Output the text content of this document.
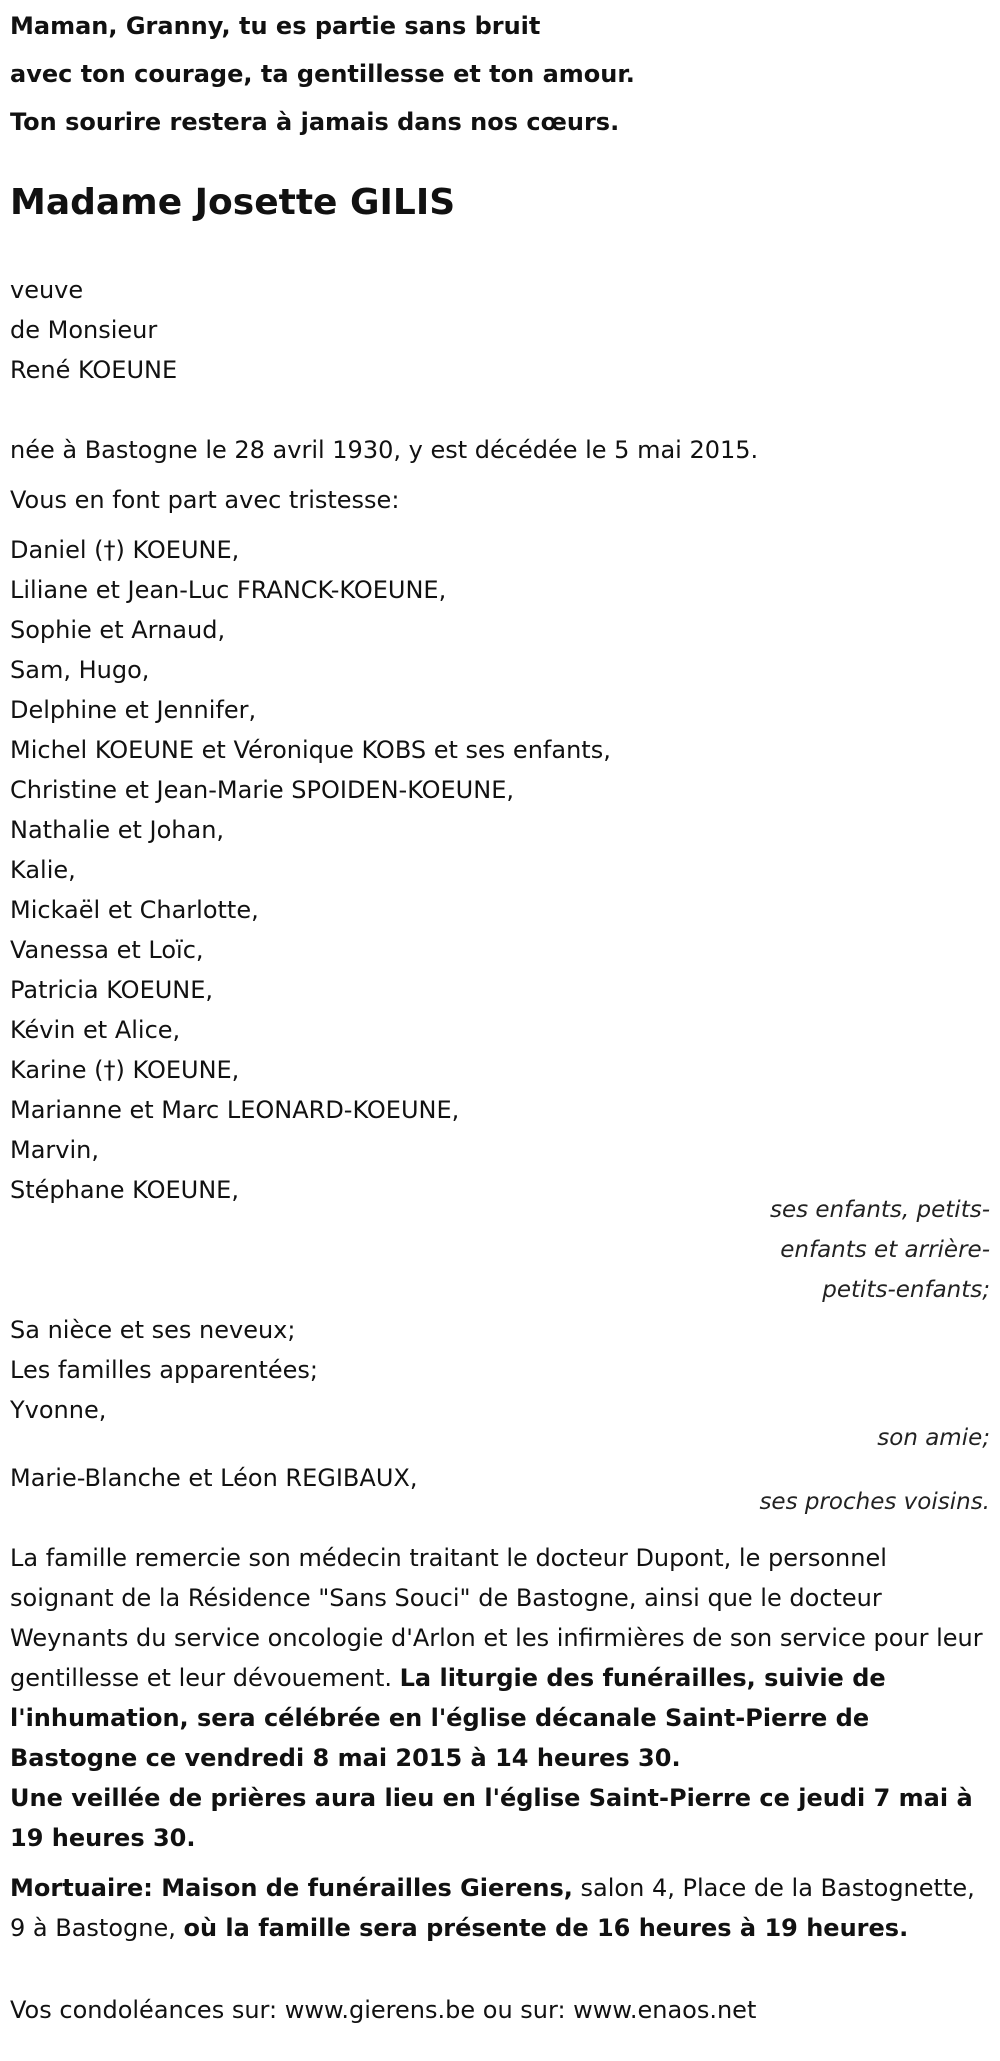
Maman, Granny, tu es partie sans bruit
avec ton courage, ta gentillesse et ton amour.
Ton sourire restera à jamais dans nos cœurs.
Madame Josette GILIS
veuve
de Monsieur
René KOEUNE
née à Bastogne le 28 avril 1930, y est décédée le 5 mai 2015.
Vous en font part avec tristesse:
Daniel (†) KOEUNE,
Liliane et Jean-Luc FRANCK-KOEUNE,
Sophie et Arnaud,
Sam, Hugo,
Delphine et Jennifer,
Michel KOEUNE et Véronique KOBS et ses enfants,
Christine et Jean-Marie SPOIDEN-KOEUNE,
Nathalie et Johan,
Kalie,
Mickaël et Charlotte,
Vanessa et Loïc,
Patricia KOEUNE,
Kévin et Alice,
Karine (†) KOEUNE,
Marianne et Marc LEONARD-KOEUNE,
Marvin,
Stéphane KOEUNE,
ses enfants, petits-
enfants et arrière-
petits-enfants;
Sa nièce et ses neveux;
Les familles apparentées;
Yvonne,
son amie;
Marie-Blanche et Léon REGIBAUX,
ses proches voisins.
La famille remercie son médecin traitant le docteur Dupont, le personnel soignant de la Résidence "Sans Souci" de Bastogne, ainsi que le docteur Weynants du service oncologie d'Arlon et les infirmières de son service pour leur gentillesse et leur dévouement. La liturgie des funérailles, suivie de l'inhumation, sera célébrée en l'église décanale Saint-Pierre de Bastogne ce vendredi 8 mai 2015 à 14 heures 30.
Une veillée de prières aura lieu en l'église Saint-Pierre ce jeudi 7 mai à 19 heures 30.
Mortuaire: Maison de funérailles Gierens, salon 4, Place de la Bastognette, 9 à Bastogne, où la famille sera présente de 16 heures à 19 heures.
Vos condoléances sur: www.gierens.be ou sur: www.enaos.net
